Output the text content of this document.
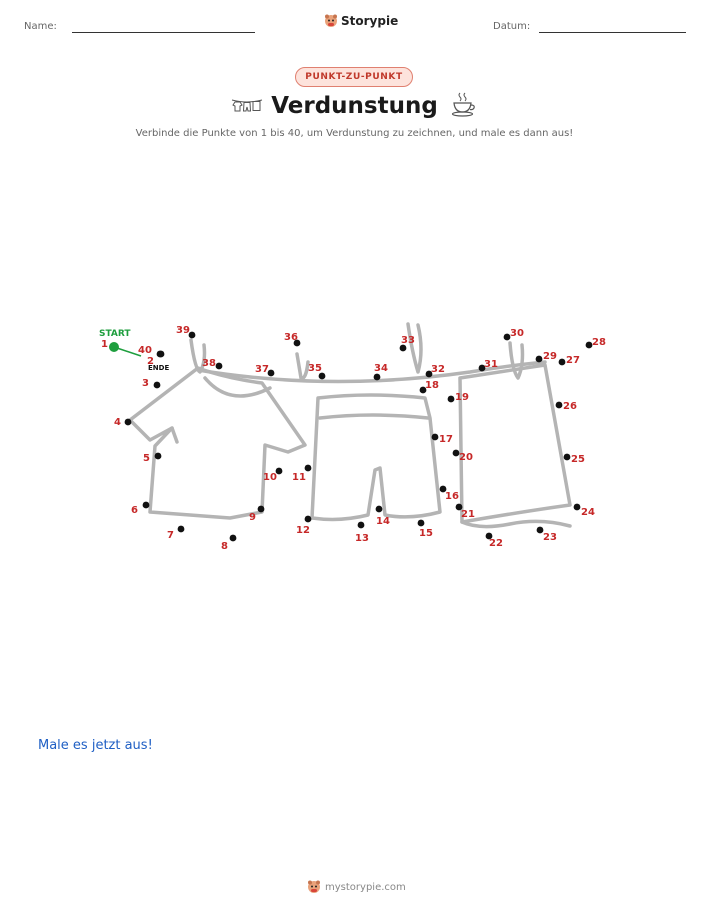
Name:	Storypie	Datum:
PUNKT-ZU-PUNKT
Verdunstung
Verbinde die Punkte von 1 bis 40, um Verdunstung zu zeichnen, und male es dann aus!
START
ENDE
1
2
3
4
5
6
7
8
9
10 11
12
13
14
15
16
17
18
19
20
21
22
23
24
25
26
27
28
29
30
31
32
33
34
35
36
37
38
39
40
Male es jetzt aus!
mystorypie.com
